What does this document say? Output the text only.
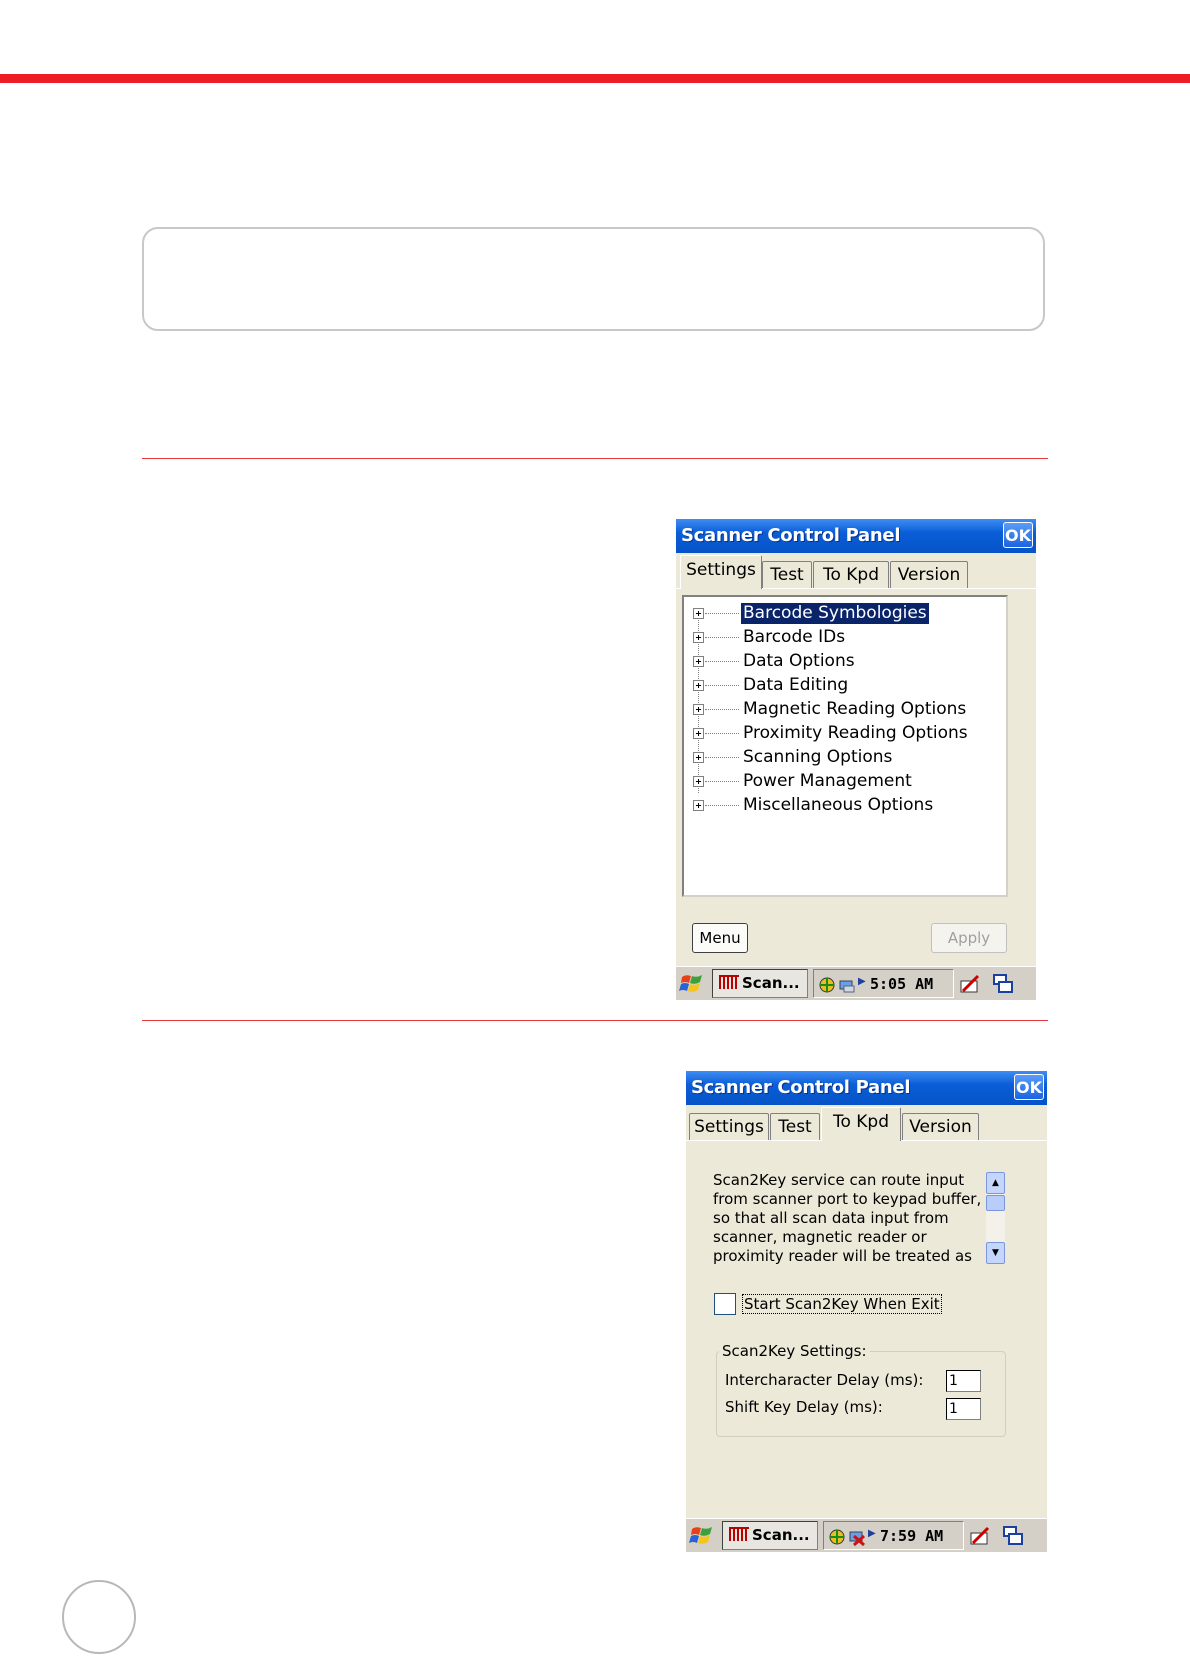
Scanner Control Panel	OK
Settings Test	To Kpd	Version
Barcode Symbologies
Barcode IDs
Data Options
Data Editing
Magnetic Reading Options
Proximity Reading Options
Scanning Options
Power Management
Miscellaneous Options
Menu	Apply
Scan...	▶ 5:05 AM
Scanner Control Panel	OK
Settings Test	To Kpd	Version
Scan2Key service can route input
from scanner port to keypad buffer,
so that all scan data input from
scanner, magnetic reader or
proximity reader will be treated as
▲
▼
Start Scan2Key When Exit
Scan2Key Settings:
Intercharacter Delay (ms): 1
Shift Key Delay (ms):	1
Scan...	▶ 7:59 AM
